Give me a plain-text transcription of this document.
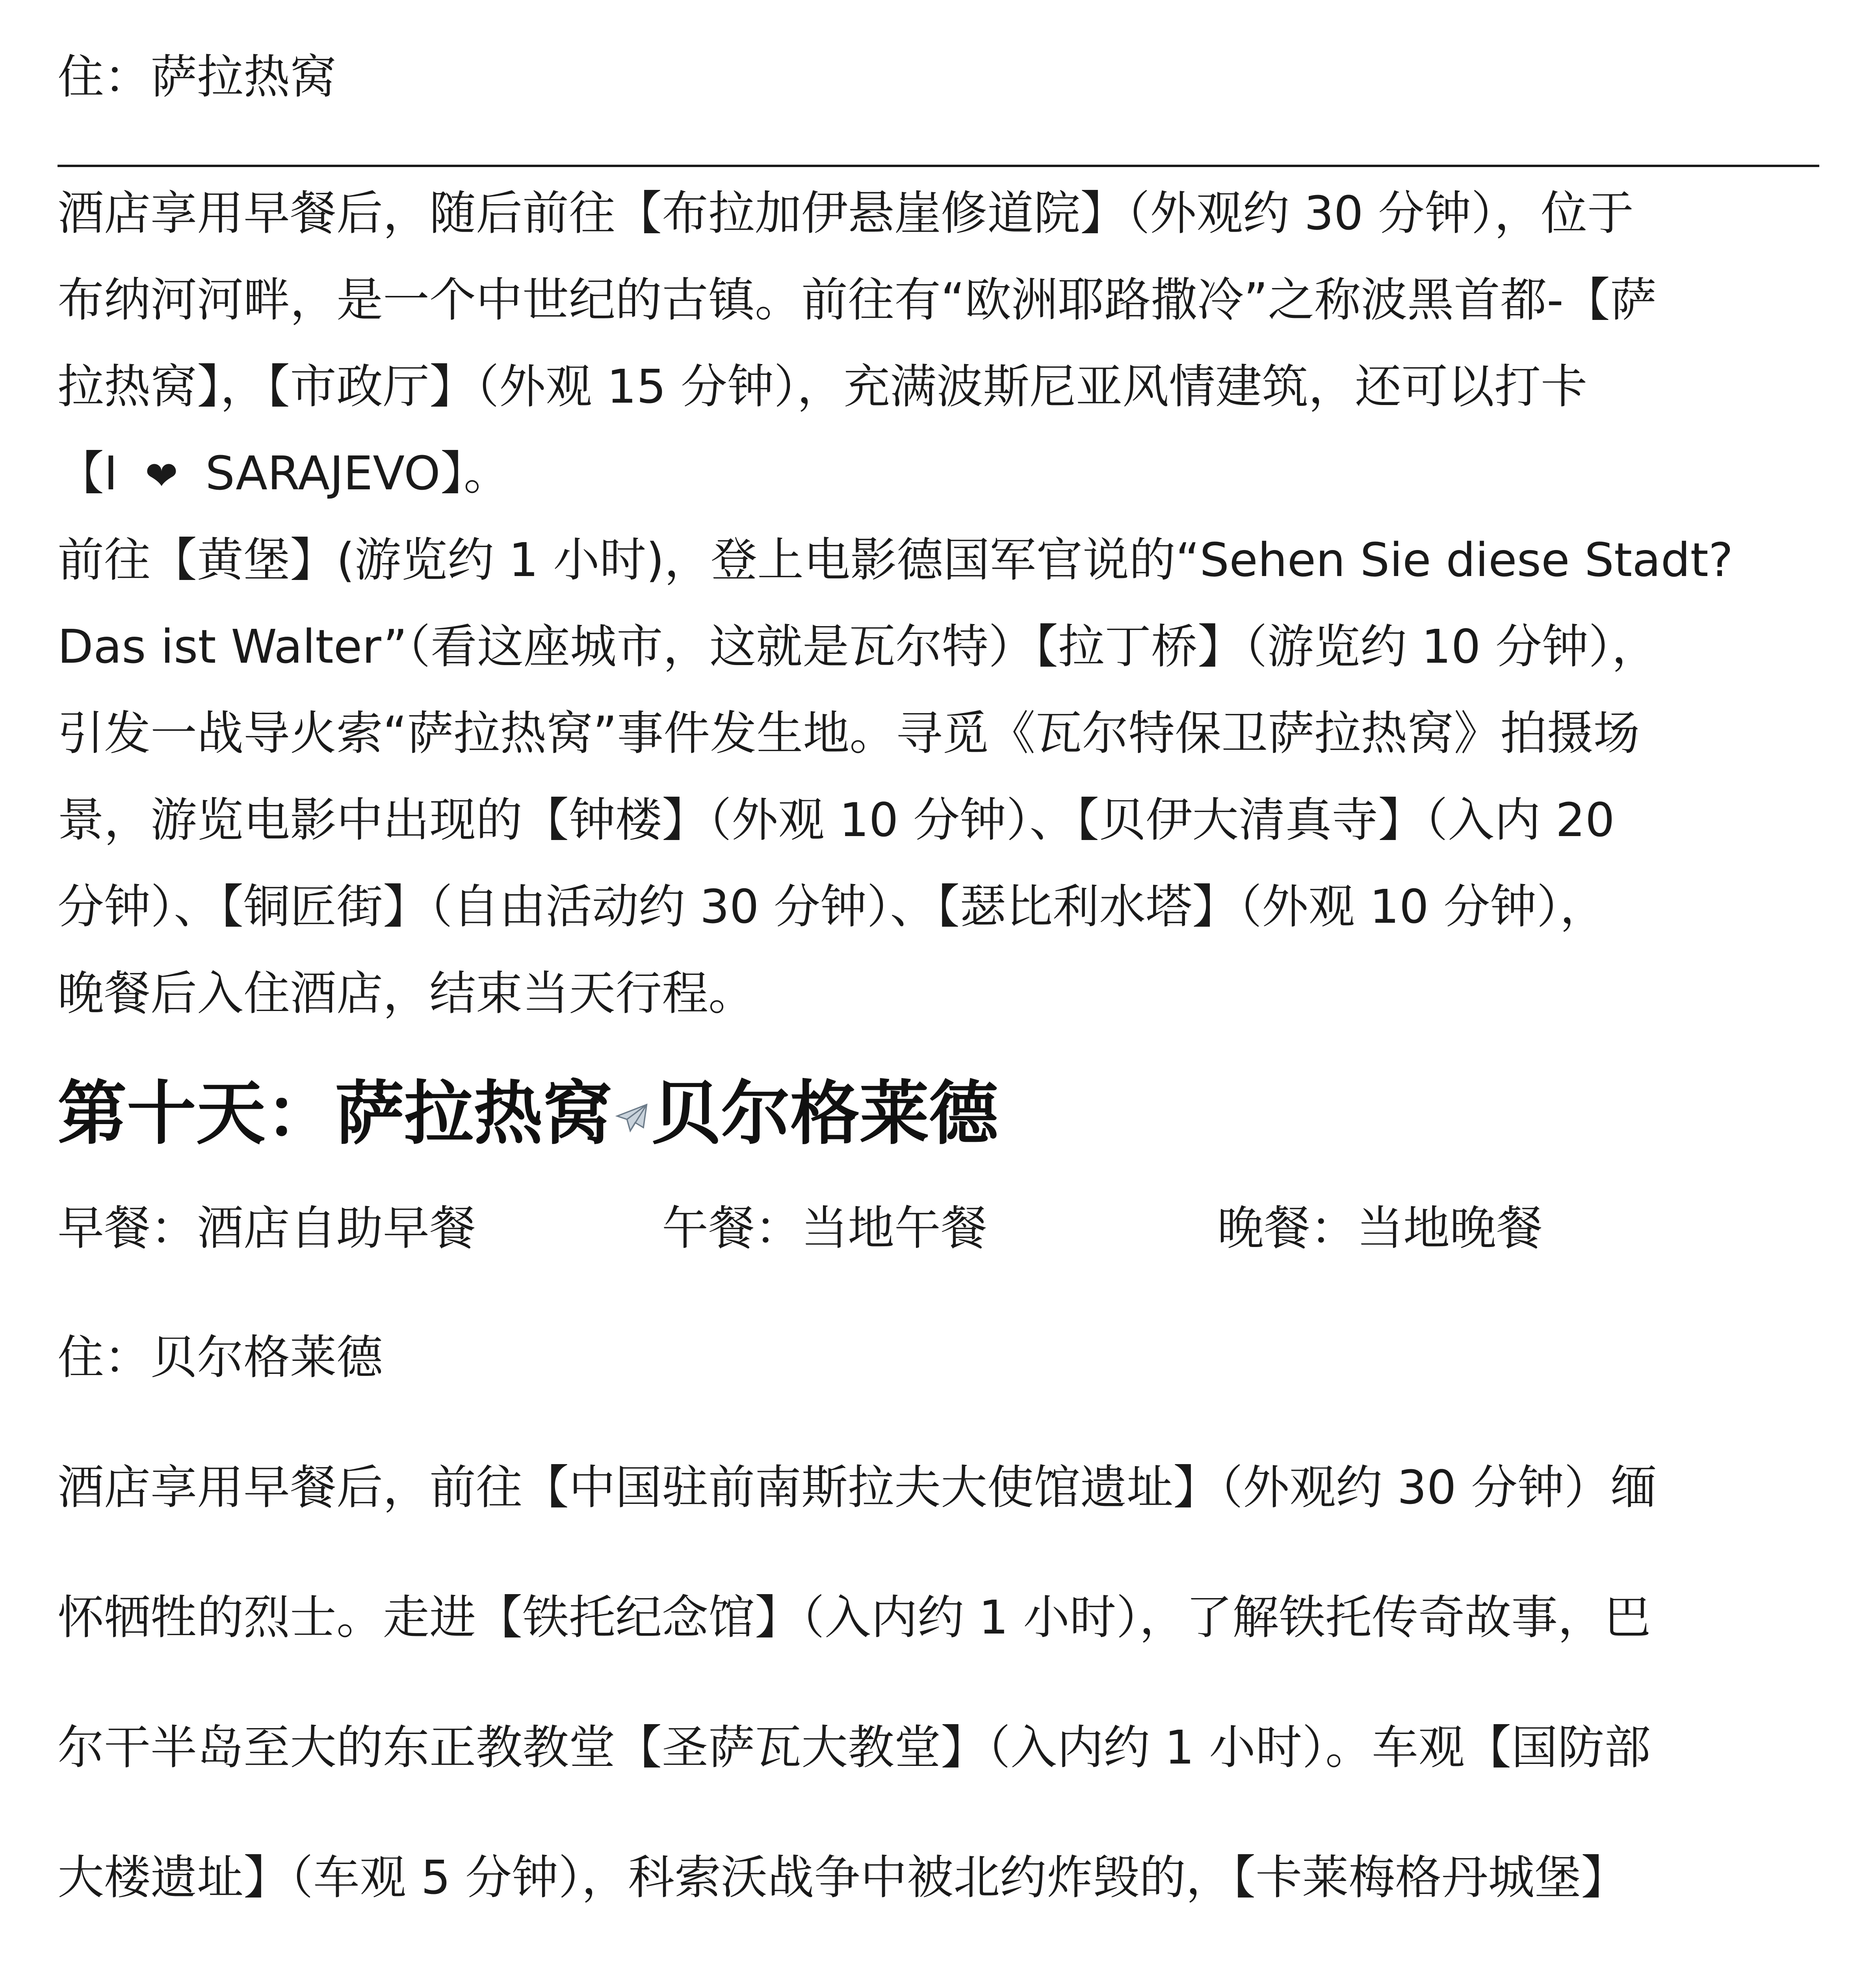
住：萨拉热窝
酒店享用早餐后，随后前往【布拉加伊悬崖修道院】（外观约 30 分钟），位于
布纳河河畔，是一个中世纪的古镇。前往有“欧洲耶路撒冷”之称波黑首都-【萨
拉热窝】，【市政厅】（外观 15 分钟），充满波斯尼亚风情建筑，还可以打卡
【I  ❤  SARAJEVO】。
前往【黄堡】(游览约 1 小时)，登上电影德国军官说的“Sehen Sie diese Stadt?
Das ist Walter”（看这座城市，这就是瓦尔特）【拉丁桥】（游览约 10 分钟），
引发一战导火索“萨拉热窝”事件发生地。寻觅《瓦尔特保卫萨拉热窝》拍摄场
景，游览电影中出现的【钟楼】（外观 10 分钟）、【贝伊大清真寺】（入内 20
分钟）、【铜匠街】（自由活动约 30 分钟）、【瑟比利水塔】（外观 10 分钟），
晚餐后入住酒店，结束当天行程。
第十天：萨拉热窝 贝尔格莱德
早餐：酒店自助早餐	午餐：当地午餐	晚餐：当地晚餐
住：贝尔格莱德
酒店享用早餐后，前往【中国驻前南斯拉夫大使馆遗址】（外观约 30 分钟）缅
怀牺牲的烈士。走进【铁托纪念馆】（入内约 1 小时），了解铁托传奇故事，巴
尔干半岛至大的东正教教堂【圣萨瓦大教堂】（入内约 1 小时）。车观【国防部
大楼遗址】（车观 5 分钟），科索沃战争中被北约炸毁的，【卡莱梅格丹城堡】
